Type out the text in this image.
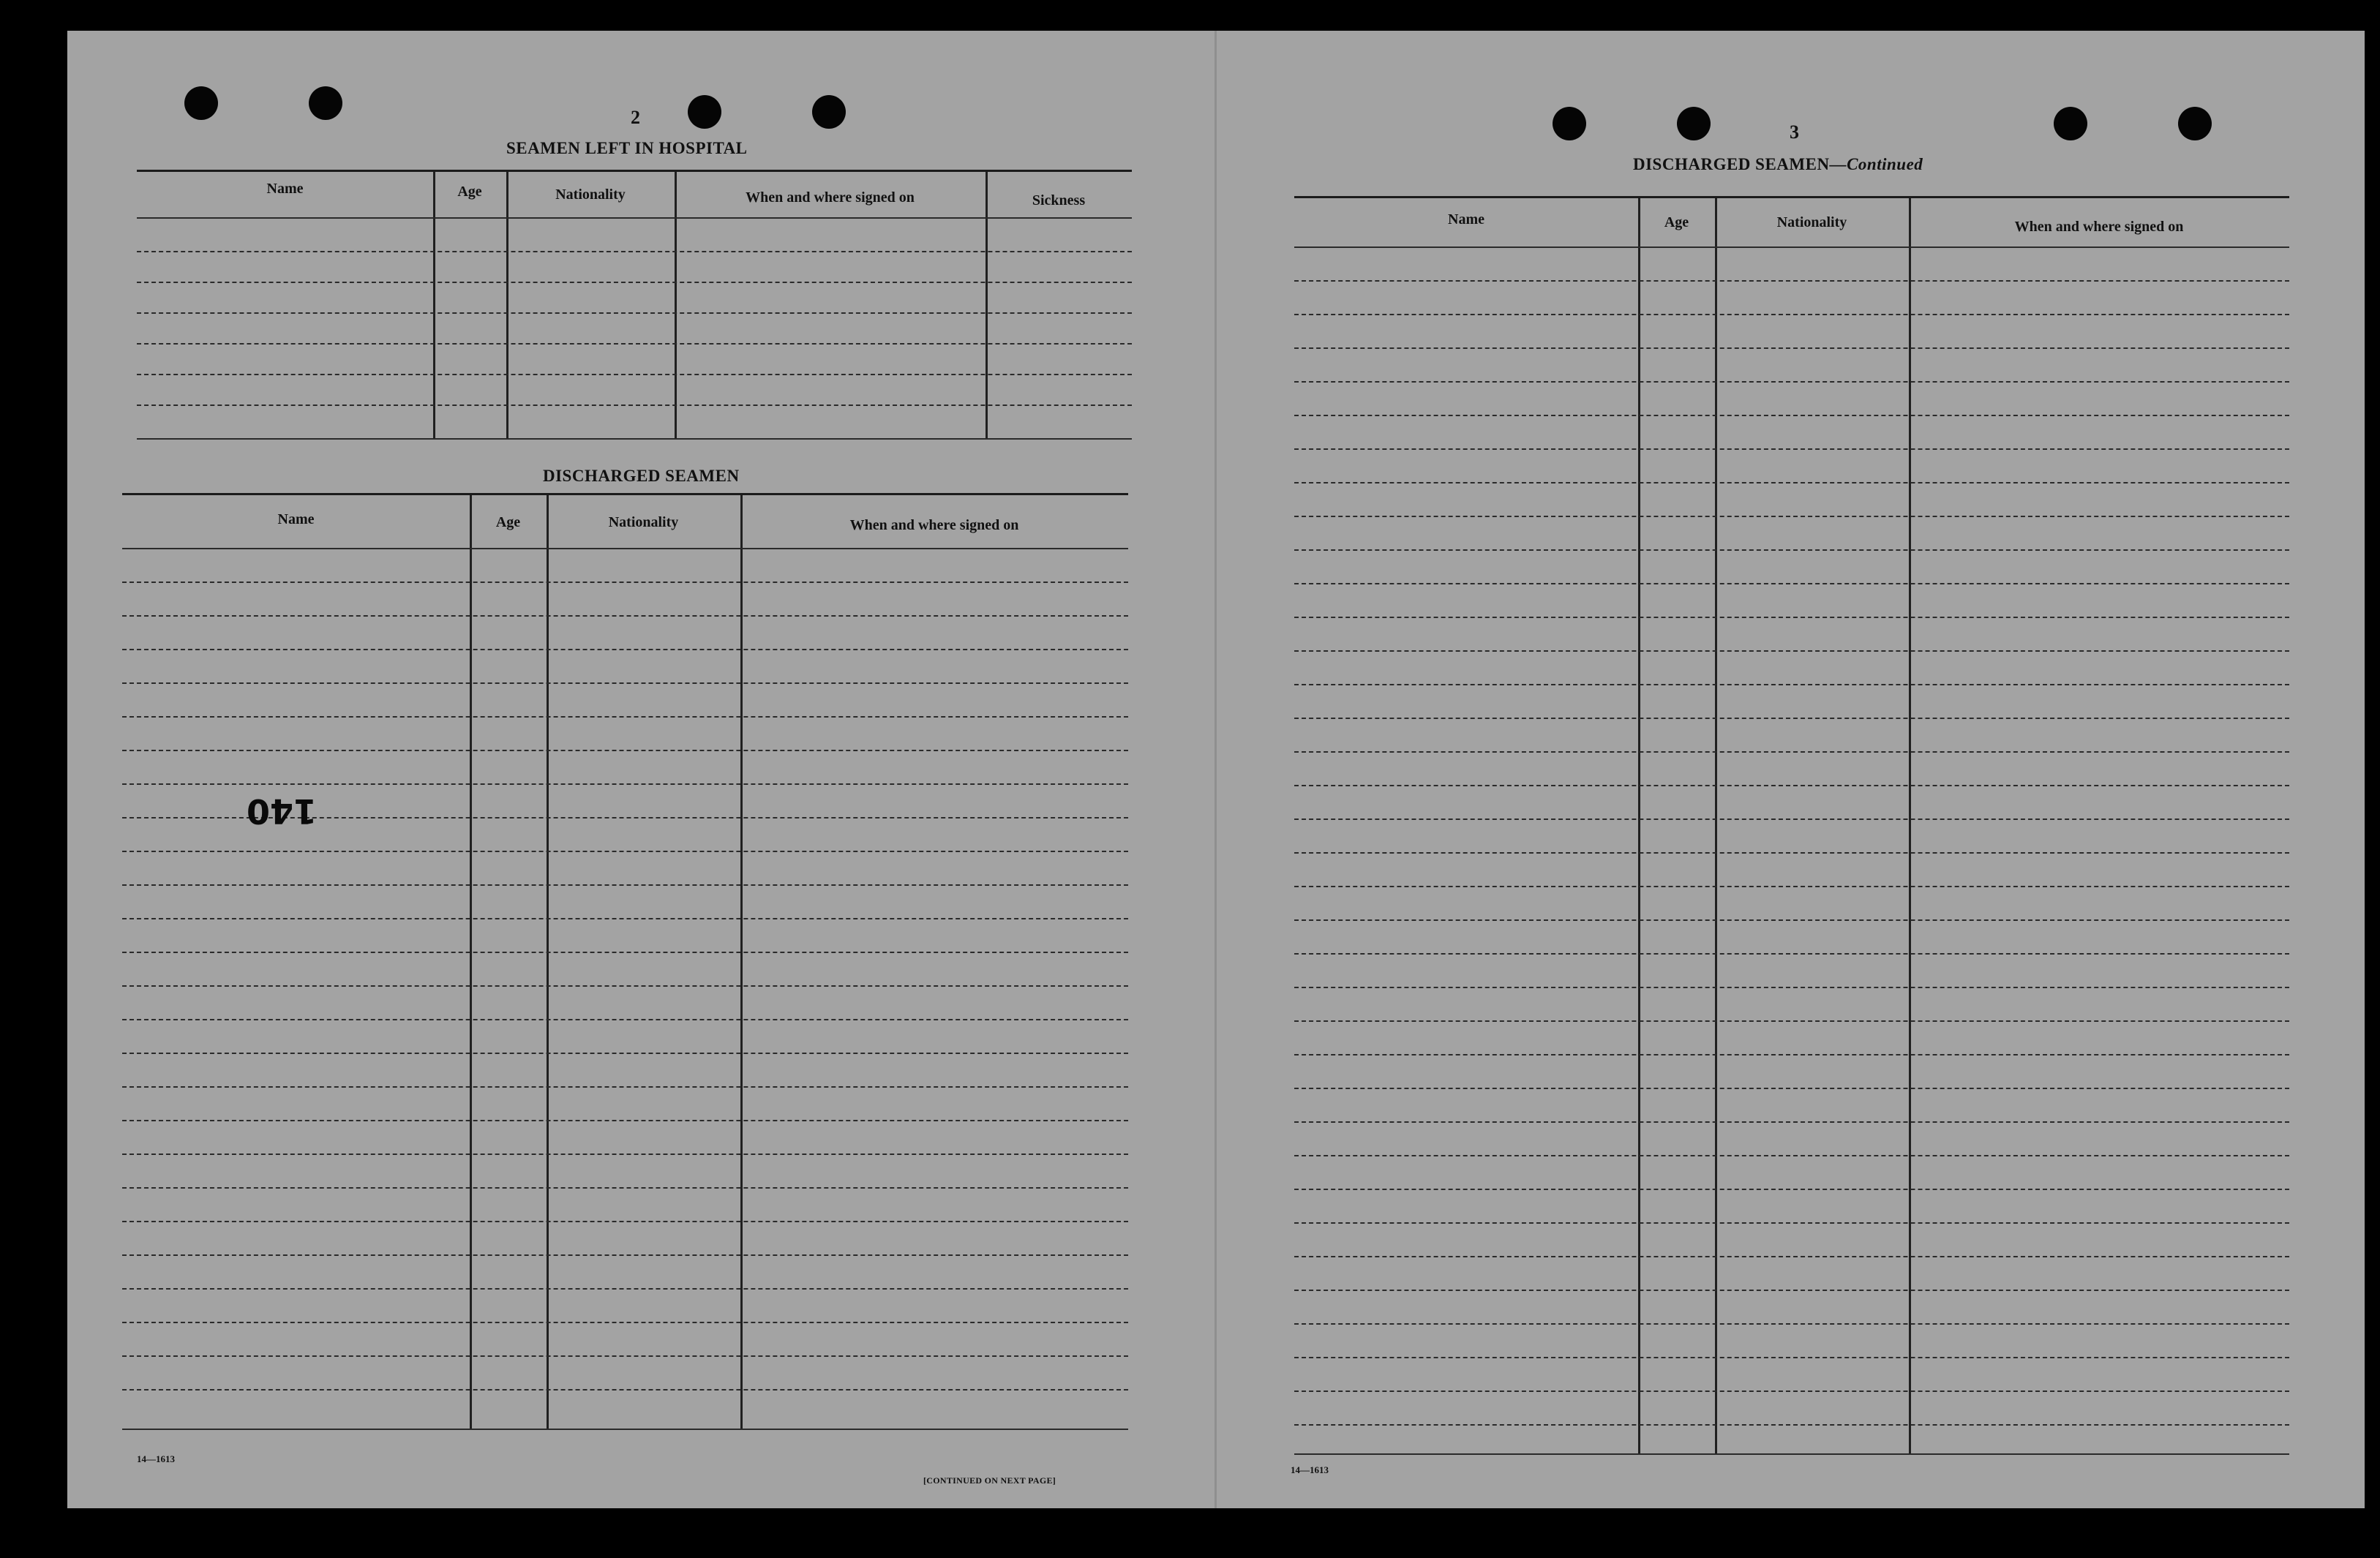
2
SEAMEN LEFT IN HOSPITAL
Name	Age	Nationality	When and where signed on	Sickness
DISCHARGED SEAMEN
Name	Age	Nationality	When and where signed on
140
14—1613
[CONTINUED ON NEXT PAGE]
3
DISCHARGED SEAMEN—Continued
Name	Age	Nationality	When and where signed on
14—1613
